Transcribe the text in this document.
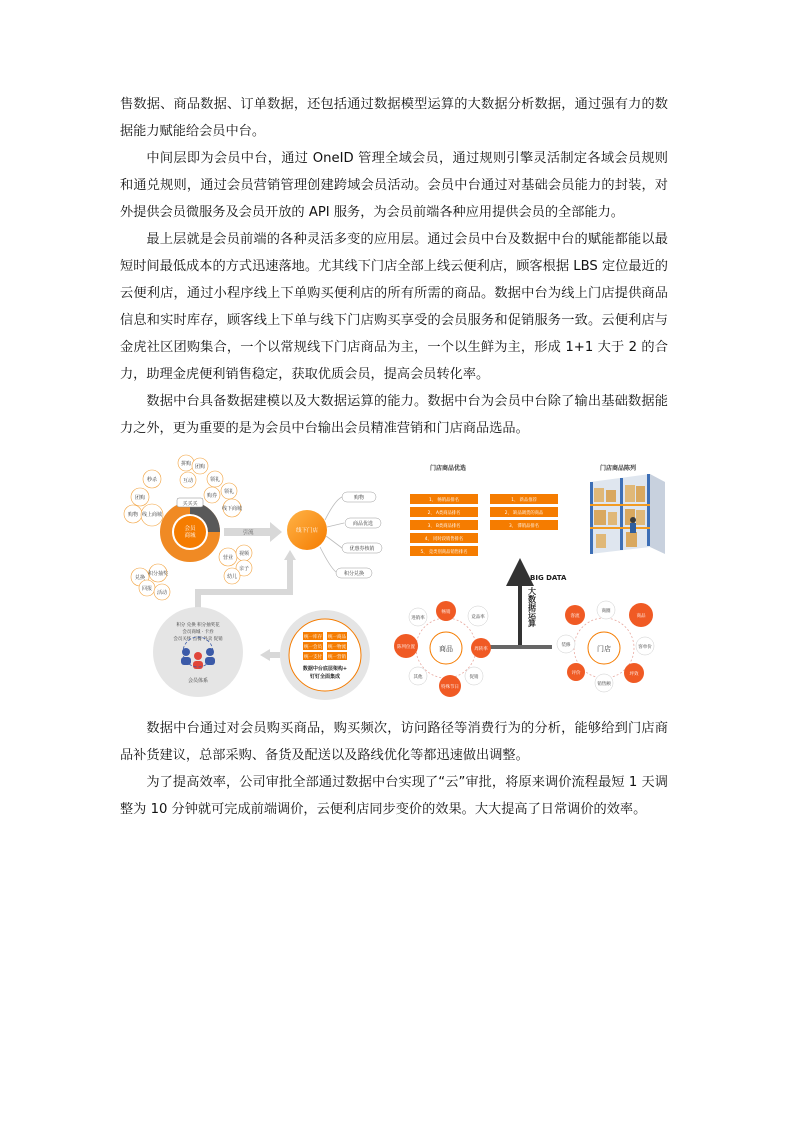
售数据、商品数据、订单数据，还包括通过数据模型运算的大数据分析数据，通过强有力的数据能力赋能给会员中台。

中间层即为会员中台，通过 OneID 管理全域会员，通过规则引擎灵活制定各域会员规则和通兑规则，通过会员营销管理创建跨域会员活动。会员中台通过对基础会员能力的封装，对外提供会员微服务及会员开放的 API 服务，为会员前端各种应用提供会员的全部能力。

最上层就是会员前端的各种灵活多变的应用层。通过会员中台及数据中台的赋能都能以最短时间最低成本的方式迅速落地。尤其线下门店全部上线云便利店，顾客根据 LBS 定位最近的云便利店，通过小程序线上下单购买便利店的所有所需的商品。数据中台为线上门店提供商品信息和实时库存，顾客线上下单与线下门店购买享受的会员服务和促销服务一致。云便利店与金虎社区团购集合，一个以常规线下门店商品为主，一个以生鲜为主，形成 1+1 大于 2 的合力，助理金虎便利销售稳定，获取优质会员，提高会员转化率。

数据中台具备数据建模以及大数据运算的能力。数据中台为会员中台除了输出基础数据能力之外，更为重要的是为会员中台输出会员精准营销和门店商品选品。

秒杀
团购
购物 线上商城
拼购 团购
互动	领礼
购券
领礼
线下商城
兑换
积分抽奖
回报
活动
营业
视频
亲子
幼儿
会员
商城
买买买
引流	线下门店
购物
商品优选
优惠券核销
积分兑换
积分 兑换 积分抽奖花
会员商城 · 卡券
会员关怀 点餐 外卖 促销
会员体系
统一库存 统一商品
统一会员 统一物流
统一支付 统一营销
数据中台底层架构+
钉钉全面集成
门店商品优选
1、 畅销品排名
2、 A类商品排名
3、 B类商品排名
4、 同时段销售排名
5、 竞类别商品销售排名
1、 新品推荐
2、 缺品调货的商品
3、 滞销品排名
门店商品陈列
BIG DATA
大数据运算
商品
畅销
竞品率
周转率
促销
特殊节日
其他
陈列位置
进销率
门店
商圈
商品
客单价
坪效
销售额
评价
装修
客流

数据中台通过对会员购买商品，购买频次，访问路径等消费行为的分析，能够给到门店商品补货建议，总部采购、备货及配送以及路线优化等都迅速做出调整。

为了提高效率，公司审批全部通过数据中台实现了“云”审批，将原来调价流程最短 1 天调整为 10 分钟就可完成前端调价，云便利店同步变价的效果。大大提高了日常调价的效率。
